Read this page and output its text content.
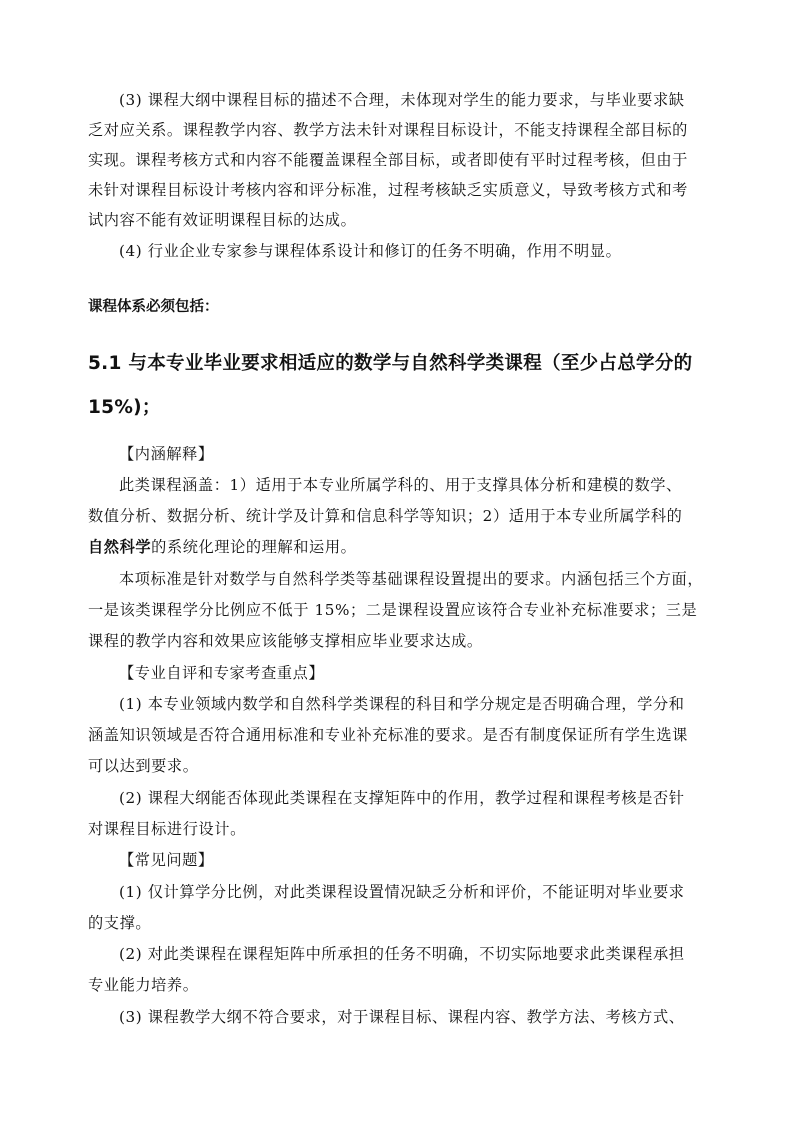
(3) 课程大纲中课程目标的描述不合理，未体现对学生的能力要求，与毕业要求缺
乏对应关系。课程教学内容、教学方法未针对课程目标设计，不能支持课程全部目标的
实现。课程考核方式和内容不能覆盖课程全部目标，或者即使有平时过程考核，但由于
未针对课程目标设计考核内容和评分标准，过程考核缺乏实质意义，导致考核方式和考
试内容不能有效证明课程目标的达成。
(4) 行业企业专家参与课程体系设计和修订的任务不明确，作用不明显。
课程体系必须包括：
5.1 与本专业毕业要求相适应的数学与自然科学类课程（至少占总学分的
15%)；
【内涵解释】
此类课程涵盖：1）适用于本专业所属学科的、用于支撑具体分析和建模的数学、
数值分析、数据分析、统计学及计算和信息科学等知识；2）适用于本专业所属学科的
自然科学的系统化理论的理解和运用。
本项标准是针对数学与自然科学类等基础课程设置提出的要求。内涵包括三个方面，
一是该类课程学分比例应不低于 15%；二是课程设置应该符合专业补充标准要求；三是
课程的教学内容和效果应该能够支撑相应毕业要求达成。
【专业自评和专家考查重点】
(1) 本专业领域内数学和自然科学类课程的科目和学分规定是否明确合理，学分和
涵盖知识领域是否符合通用标准和专业补充标准的要求。是否有制度保证所有学生选课
可以达到要求。
(2) 课程大纲能否体现此类课程在支撑矩阵中的作用，教学过程和课程考核是否针
对课程目标进行设计。
【常见问题】
(1) 仅计算学分比例，对此类课程设置情况缺乏分析和评价，不能证明对毕业要求
的支撑。
(2) 对此类课程在课程矩阵中所承担的任务不明确，不切实际地要求此类课程承担
专业能力培养。
(3) 课程教学大纲不符合要求，对于课程目标、课程内容、教学方法、考核方式、
